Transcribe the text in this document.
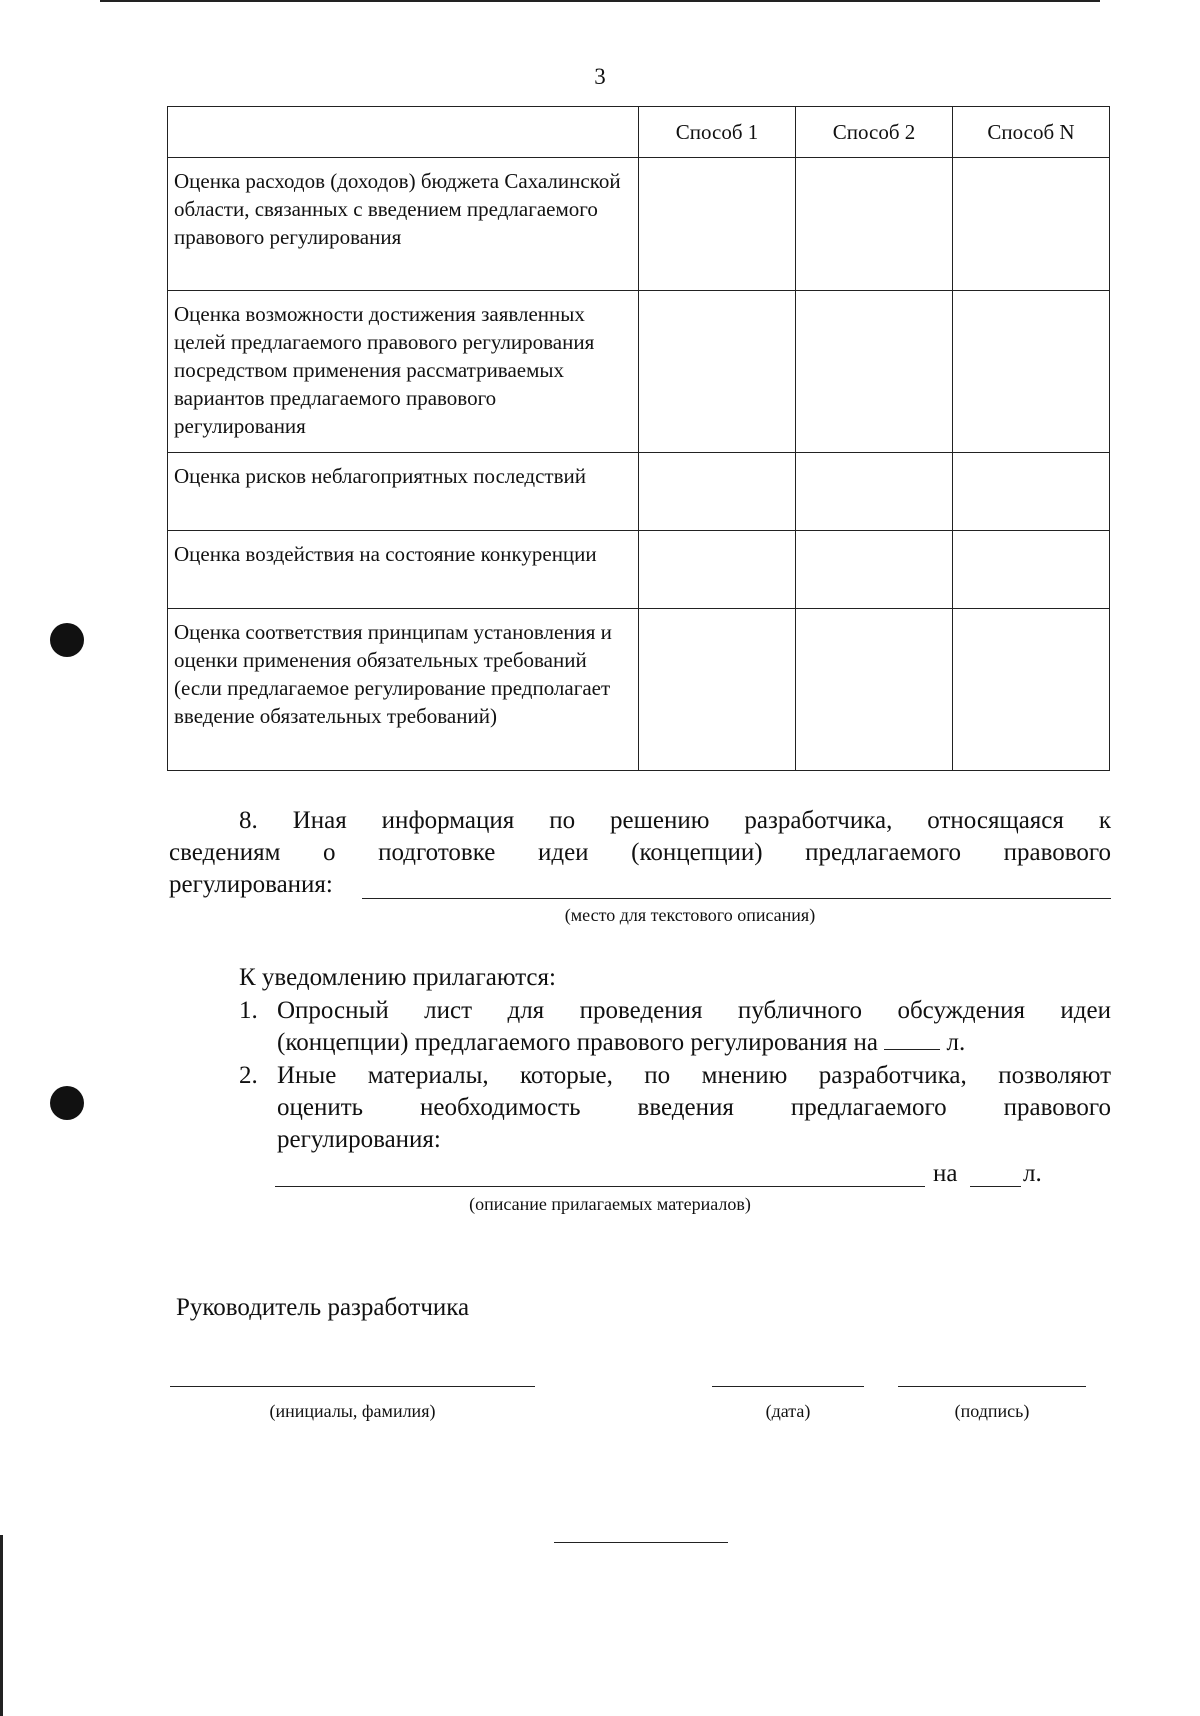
3
	Способ 1	Способ 2	Способ N
Оценка расходов (доходов) бюджета Сахалинской области, связанных с введением предлагаемого правового регулирования			
Оценка возможности достижения заявленных целей предлагаемого правового регулирования посредством применения рассматриваемых вариантов предлагаемого правового регулирования			
Оценка рисков неблагоприятных последствий			
Оценка воздействия на состояние конкуренции			
Оценка соответствия принципам установления и оценки применения обязательных требований (если предлагаемое регулирование предполагает введение обязательных требований)			
8. Иная информация по решению разработчика, относящаяся к
сведениям о подготовке идеи (концепции) предлагаемого правового
регулирования:
(место для текстового описания)
К уведомлению прилагаются:
1. Опросный лист для проведения публичного обсуждения идеи
(концепции) предлагаемого правового регулирования на	л.
2. Иные материалы, которые, по мнению разработчика, позволяют
оценить необходимость введения предлагаемого правового
регулирования:
на	л.
(описание прилагаемых материалов)
Руководитель разработчика
(инициалы, фамилия)	(дата)	(подпись)
